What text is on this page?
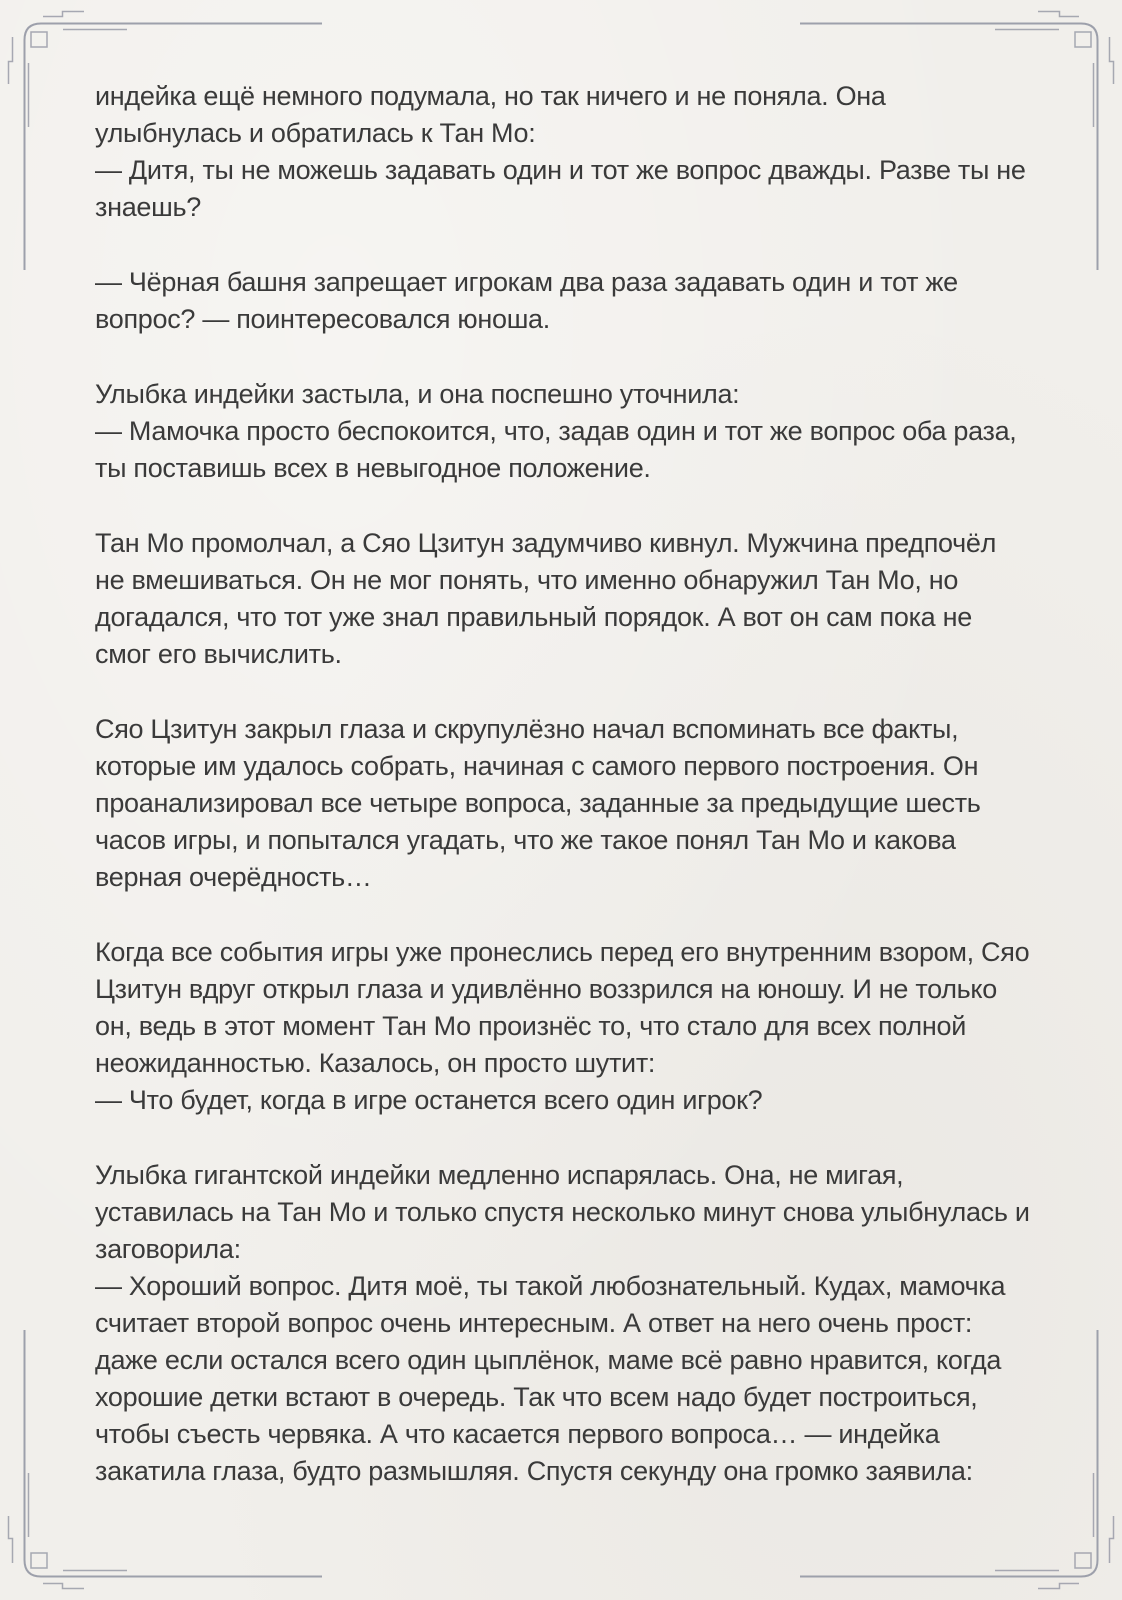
индейка ещё немного подумала, но так ничего и не поняла. Она улыбнулась и обратилась к Тан Мо:
— Дитя, ты не можешь задавать один и тот же вопрос дважды. Разве ты не знаешь?

— Чёрная башня запрещает игрокам два раза задавать один и тот же вопрос? — поинтересовался юноша.

Улыбка индейки застыла, и она поспешно уточнила:
— Мамочка просто беспокоится, что, задав один и тот же вопрос оба раза, ты поставишь всех в невыгодное положение.

Тан Мо промолчал, а Сяо Цзитун задумчиво кивнул. Мужчина предпочёл не вмешиваться. Он не мог понять, что именно обнаружил Тан Мо, но догадался, что тот уже знал правильный порядок. А вот он сам пока не смог его вычислить.

Сяо Цзитун закрыл глаза и скрупулёзно начал вспоминать все факты, которые им удалось собрать, начиная с самого первого построения. Он проанализировал все четыре вопроса, заданные за предыдущие шесть часов игры, и попытался угадать, что же такое понял Тан Мо и какова верная очерёдность…

Когда все события игры уже пронеслись перед его внутренним взором, Сяо Цзитун вдруг открыл глаза и удивлённо воззрился на юношу. И не только он, ведь в этот момент Тан Мо произнёс то, что стало для всех полной неожиданностью. Казалось, он просто шутит:
— Что будет, когда в игре останется всего один игрок?

Улыбка гигантской индейки медленно испарялась. Она, не мигая, уставилась на Тан Мо и только спустя несколько минут снова улыбнулась и заговорила:
— Хороший вопрос. Дитя моё, ты такой любознательный. Кудах, мамочка считает второй вопрос очень интересным. А ответ на него очень прост: даже если остался всего один цыплёнок, маме всё равно нравится, когда хорошие детки встают в очередь. Так что всем надо будет построиться, чтобы съесть червяка. А что касается первого вопроса… — индейка закатила глаза, будто размышляя. Спустя секунду она громко заявила:
